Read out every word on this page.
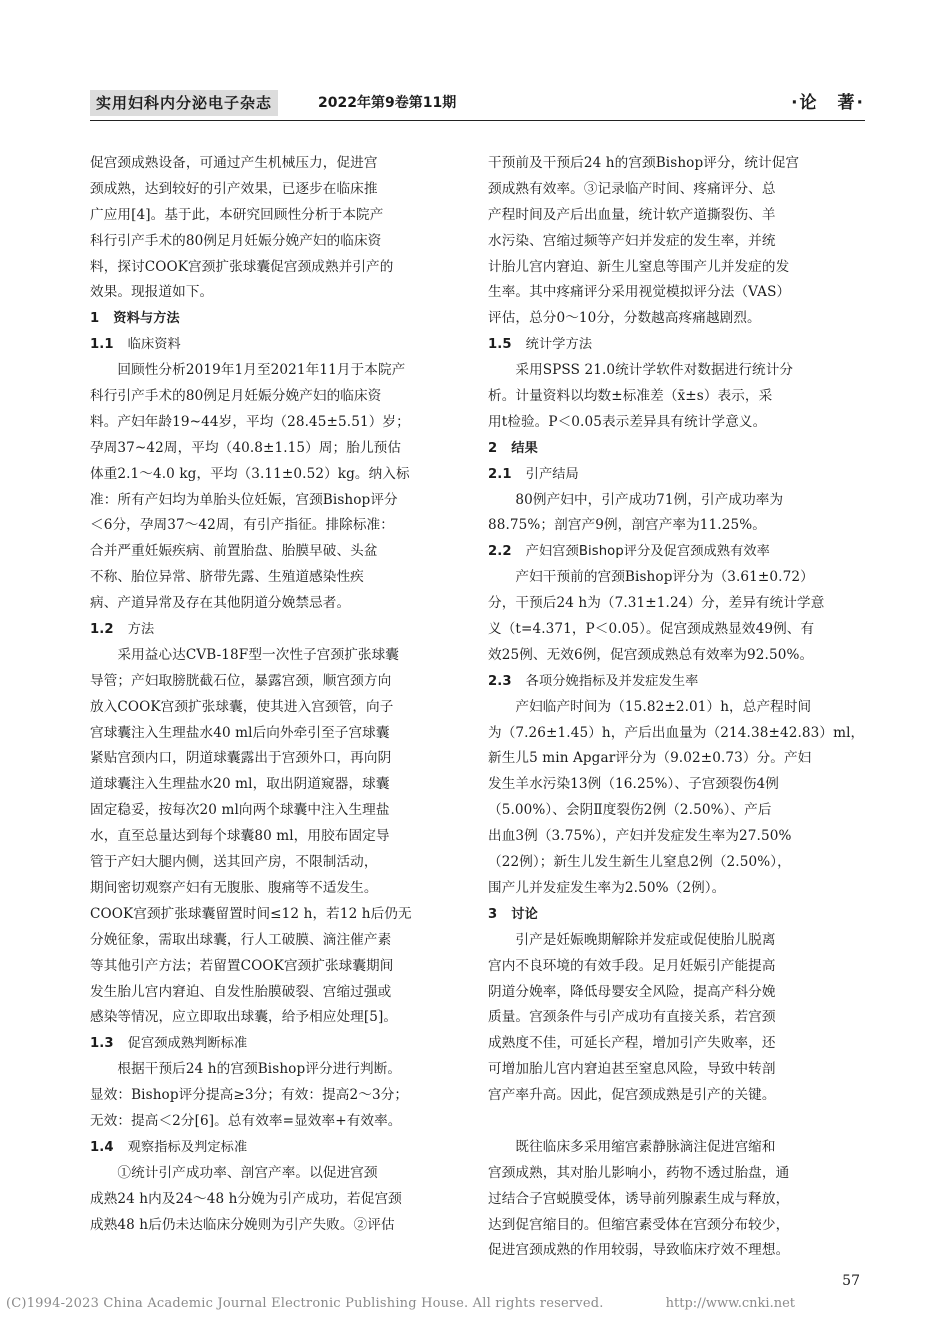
实用妇科内分泌电子杂志	2022年第9卷第11期	·论　著·
促宫颈成熟设备，可通过产生机械压力，促进宫
颈成熟，达到较好的引产效果，已逐步在临床推
广应用[4]。基于此，本研究回顾性分析于本院产
科行引产手术的80例足月妊娠分娩产妇的临床资
料，探讨COOK宫颈扩张球囊促宫颈成熟并引产的
效果。现报道如下。
1 资料与方法
1.1 临床资料
　　回顾性分析2019年1月至2021年11月于本院产
科行引产手术的80例足月妊娠分娩产妇的临床资
料。产妇年龄19~44岁，平均（28.45±5.51）岁；
孕周37~42周，平均（40.8±1.15）周；胎儿预估
体重2.1～4.0 kg，平均（3.11±0.52）kg。纳入标
准：所有产妇均为单胎头位妊娠，宫颈Bishop评分
＜6分，孕周37～42周，有引产指征。排除标准：
合并严重妊娠疾病、前置胎盘、胎膜早破、头盆
不称、胎位异常、脐带先露、生殖道感染性疾
病、产道异常及存在其他阴道分娩禁忌者。
1.2 方法
　　采用益心达CVB-18F型一次性子宫颈扩张球囊
导管；产妇取膀胱截石位，暴露宫颈，顺宫颈方向
放入COOK宫颈扩张球囊，使其进入宫颈管，向子
宫球囊注入生理盐水40 ml后向外牵引至子宫球囊
紧贴宫颈内口，阴道球囊露出于宫颈外口，再向阴
道球囊注入生理盐水20 ml，取出阴道窥器，球囊
固定稳妥，按每次20 ml向两个球囊中注入生理盐
水，直至总量达到每个球囊80 ml，用胶布固定导
管于产妇大腿内侧，送其回产房，不限制活动，
期间密切观察产妇有无腹胀、腹痛等不适发生。
COOK宫颈扩张球囊留置时间≤12 h，若12 h后仍无
分娩征象，需取出球囊，行人工破膜、滴注催产素
等其他引产方法；若留置COOK宫颈扩张球囊期间
发生胎儿宫内窘迫、自发性胎膜破裂、宫缩过强或
感染等情况，应立即取出球囊，给予相应处理[5]。
1.3 促宫颈成熟判断标准
　　根据干预后24 h的宫颈Bishop评分进行判断。
显效：Bishop评分提高≥3分；有效：提高2～3分；
无效：提高＜2分[6]。总有效率=显效率+有效率。
1.4 观察指标及判定标准
　　①统计引产成功率、剖宫产率。以促进宫颈
成熟24 h内及24～48 h分娩为引产成功，若促宫颈
成熟48 h后仍未达临床分娩则为引产失败。②评估
干预前及干预后24 h的宫颈Bishop评分，统计促宫
颈成熟有效率。③记录临产时间、疼痛评分、总
产程时间及产后出血量，统计软产道撕裂伤、羊
水污染、宫缩过频等产妇并发症的发生率，并统
计胎儿宫内窘迫、新生儿窒息等围产儿并发症的发
生率。其中疼痛评分采用视觉模拟评分法（VAS）
评估，总分0～10分，分数越高疼痛越剧烈。
1.5 统计学方法
　　采用SPSS 21.0统计学软件对数据进行统计分
析。计量资料以均数±标准差（x̄±s）表示，采
用t检验。P＜0.05表示差异具有统计学意义。
2 结果
2.1 引产结局
　　80例产妇中，引产成功71例，引产成功率为
88.75%；剖宫产9例，剖宫产率为11.25%。
2.2 产妇宫颈Bishop评分及促宫颈成熟有效率
　　产妇干预前的宫颈Bishop评分为（3.61±0.72）
分，干预后24 h为（7.31±1.24）分，差异有统计学意
义（t=4.371，P＜0.05）。促宫颈成熟显效49例、有
效25例、无效6例，促宫颈成熟总有效率为92.50%。
2.3 各项分娩指标及并发症发生率
　　产妇临产时间为（15.82±2.01）h，总产程时间
为（7.26±1.45）h，产后出血量为（214.38±42.83）ml，
新生儿5 min Apgar评分为（9.02±0.73）分。产妇
发生羊水污染13例（16.25%）、子宫颈裂伤4例
（5.00%）、会阴Ⅱ度裂伤2例（2.50%）、产后
出血3例（3.75%），产妇并发症发生率为27.50%
（22例）；新生儿发生新生儿窒息2例（2.50%），
围产儿并发症发生率为2.50%（2例）。
3 讨论
　　引产是妊娠晚期解除并发症或促使胎儿脱离
宫内不良环境的有效手段。足月妊娠引产能提高
阴道分娩率，降低母婴安全风险，提高产科分娩
质量。宫颈条件与引产成功有直接关系，若宫颈
成熟度不佳，可延长产程，增加引产失败率，还
可增加胎儿宫内窘迫甚至窒息风险，导致中转剖
宫产率升高。因此，促宫颈成熟是引产的关键。
　　既往临床多采用缩宫素静脉滴注促进宫缩和
宫颈成熟，其对胎儿影响小，药物不透过胎盘，通
过结合子宫蜕膜受体，诱导前列腺素生成与释放，
达到促宫缩目的。但缩宫素受体在宫颈分布较少，
促进宫颈成熟的作用较弱，导致临床疗效不理想。
57
(C)1994-2023 China Academic Journal Electronic Publishing House. All rights reserved.	http://www.cnki.net
